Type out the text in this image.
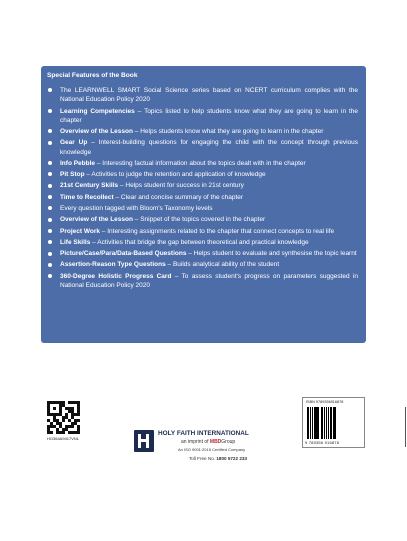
Special Features of the Book
The LEARNWELL SMART Social Science series based on NCERT curriculum complies with the National Education Policy 2020
Learning Competencies – Topics listed to help students know what they are going to learn in the chapter
Overview of the Lesson – Helps students know what they are going to learn in the chapter
Gear Up – Interest-building questions for engaging the child with the concept through previous knowledge
Info Pebble – Interesting factual information about the topics dealt with in the chapter
Pit Stop – Activities to judge the retention and application of knowledge
21st Century Skills – Helps student for success in 21st century
Time to Recollect – Clear and concise summary of the chapter
Every question tagged with Bloom's Taxonomy levels
Overview of the Lesson – Snippet of the topics covered in the chapter
Project Work – Interesting assignments related to the chapter that connect concepts to real life
Life Skills – Activities that bridge the gap between theoretical and practical knowledge
Picture/Case/Para/Data-Based Questions – Helps student to evaluate and synthesise the topic learnt
Assertion-Reason Type Questions – Builds analytical ability of the student
360-Degree Holistic Progress Card – To assess student's progress on parameters suggested in National Education Policy 2020
HO364A9417VNL
HOLY FAITH INTERNATIONAL
an imprint of MBDGroup
An ISO 9001:2015 Certified Company
Toll Free No. 1800 5722 233
ISBN 9789356916878
9 789356 916878
